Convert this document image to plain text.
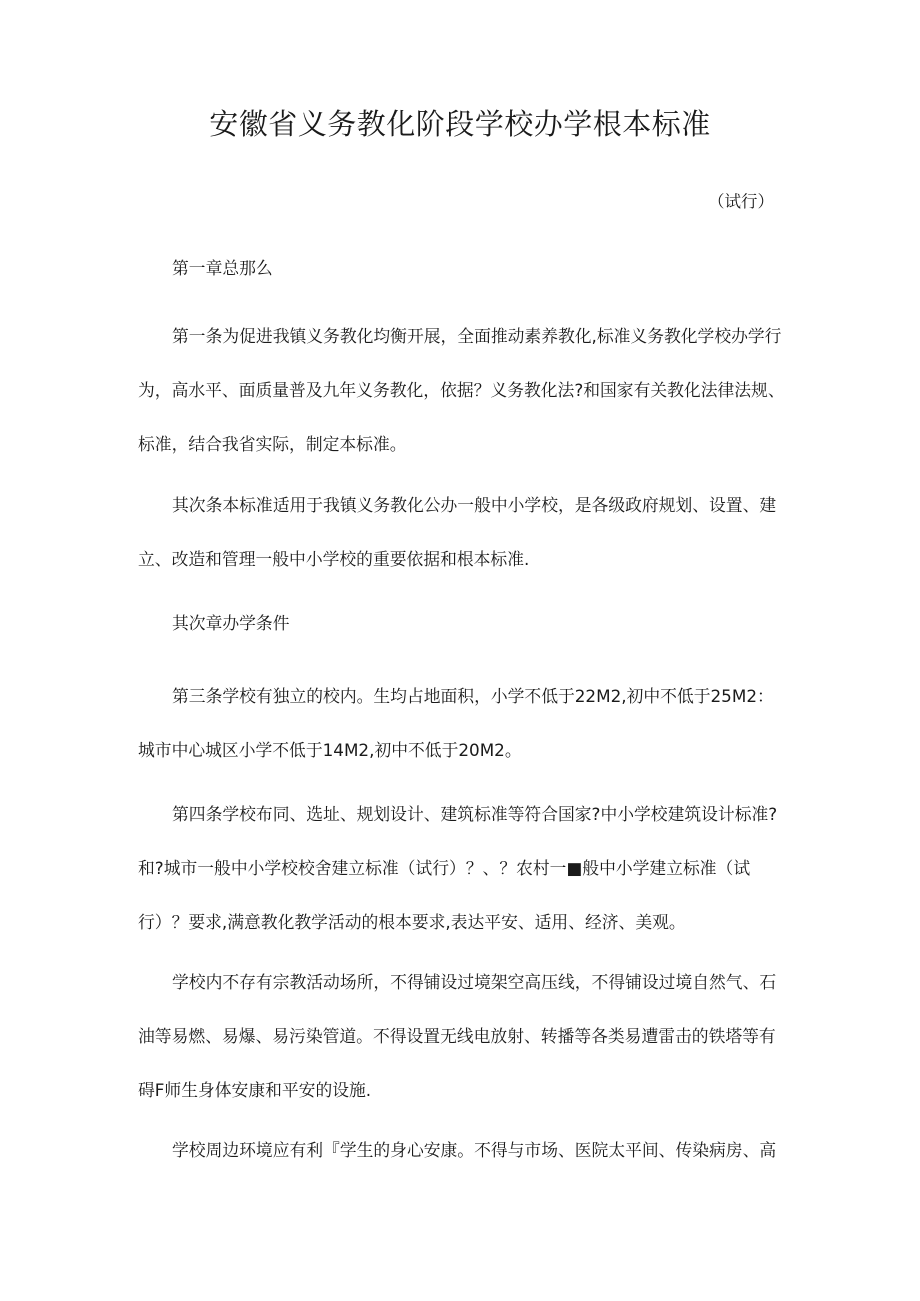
安徽省义务教化阶段学校办学根本标准
（试行）
第一章总那么
第一条为促进我镇义务教化均衡开展，全面推动素养教化,标准义务教化学校办学行为，高水平、面质量普及九年义务教化，依据？义务教化法?和国家有关教化法律法规、标准，结合我省实际，制定本标准。
其次条本标准适用于我镇义务教化公办一般中小学校，是各级政府规划、设置、建立、改造和管理一般中小学校的重要依据和根本标准.
其次章办学条件
第三条学校有独立的校内。生均占地面积，小学不低于22M2,初中不低于25M2：城市中心城区小学不低于14M2,初中不低于20M2。
第四条学校布同、选址、规划设计、建筑标准等符合国家?中小学校建筑设计标准?和?城市一般中小学校校舍建立标准（试行）？、？农村一■般中小学建立标准（试行）？要求,满意教化教学活动的根本要求,表达平安、适用、经济、美观。
学校内不存有宗教活动场所，不得铺设过境架空高压线，不得铺设过境自然气、石油等易燃、易爆、易污染管道。不得设置无线电放射、转播等各类易遭雷击的铁塔等有碍F师生身体安康和平安的设施.
学校周边环境应有利『学生的身心安康。不得与市场、医院太平间、传染病房、高
